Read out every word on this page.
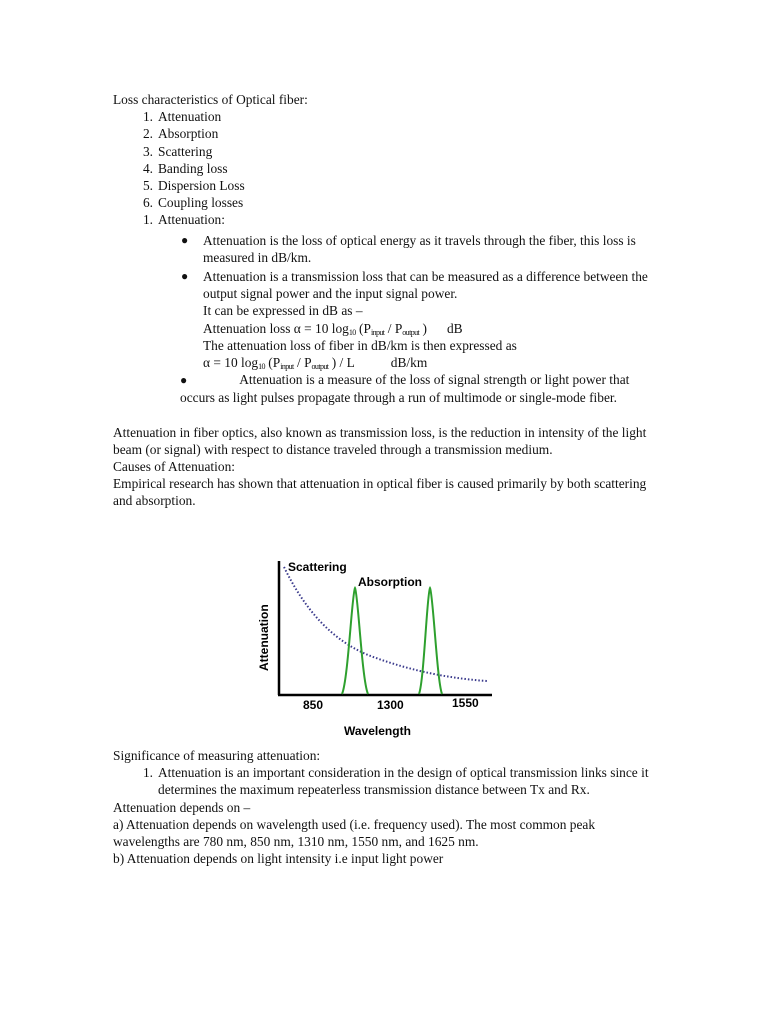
Loss characteristics of Optical fiber:

1. Attenuation
2. Absorption
3. Scattering
4. Banding loss
5. Dispersion Loss
6. Coupling losses
1. Attenuation:
● Attenuation is the loss of optical energy as it travels through the fiber, this loss is measured in dB/km.
● Attenuation is a transmission loss that can be measured as a difference between the output signal power and the input signal power.

It can be expressed in dB as –

Attenuation loss α = 10 $\log_{10} (P_{input} / P_{output}$ ) dB

The attenuation loss of fiber in dB/km is then expressed as

α = 10 $\log_{10} (P_{input} / P_{output}$ ) / L	dB/km

●	Attenuation is a measure of the loss of signal strength or light power that occurs as light pulses propagate through a run of multimode or single-mode fiber.

Attenuation in fiber optics, also known as transmission loss, is the reduction in intensity of the light beam (or signal) with respect to distance traveled through a transmission medium.

Causes of Attenuation:

Empirical research has shown that attenuation in optical fiber is caused primarily by both scattering and absorption.

Attenuation
Wavelength
850	1300	1550
Scattering
Absorption

Significance of measuring attenuation:

1. Attenuation is an important consideration in the design of optical transmission links since it determines the maximum repeaterless transmission distance between Tx and Rx.

Attenuation depends on –

a) Attenuation depends on wavelength used (i.e. frequency used). The most common peak wavelengths are 780 nm, 850 nm, 1310 nm, 1550 nm, and 1625 nm.

b) Attenuation depends on light intensity i.e input light power
